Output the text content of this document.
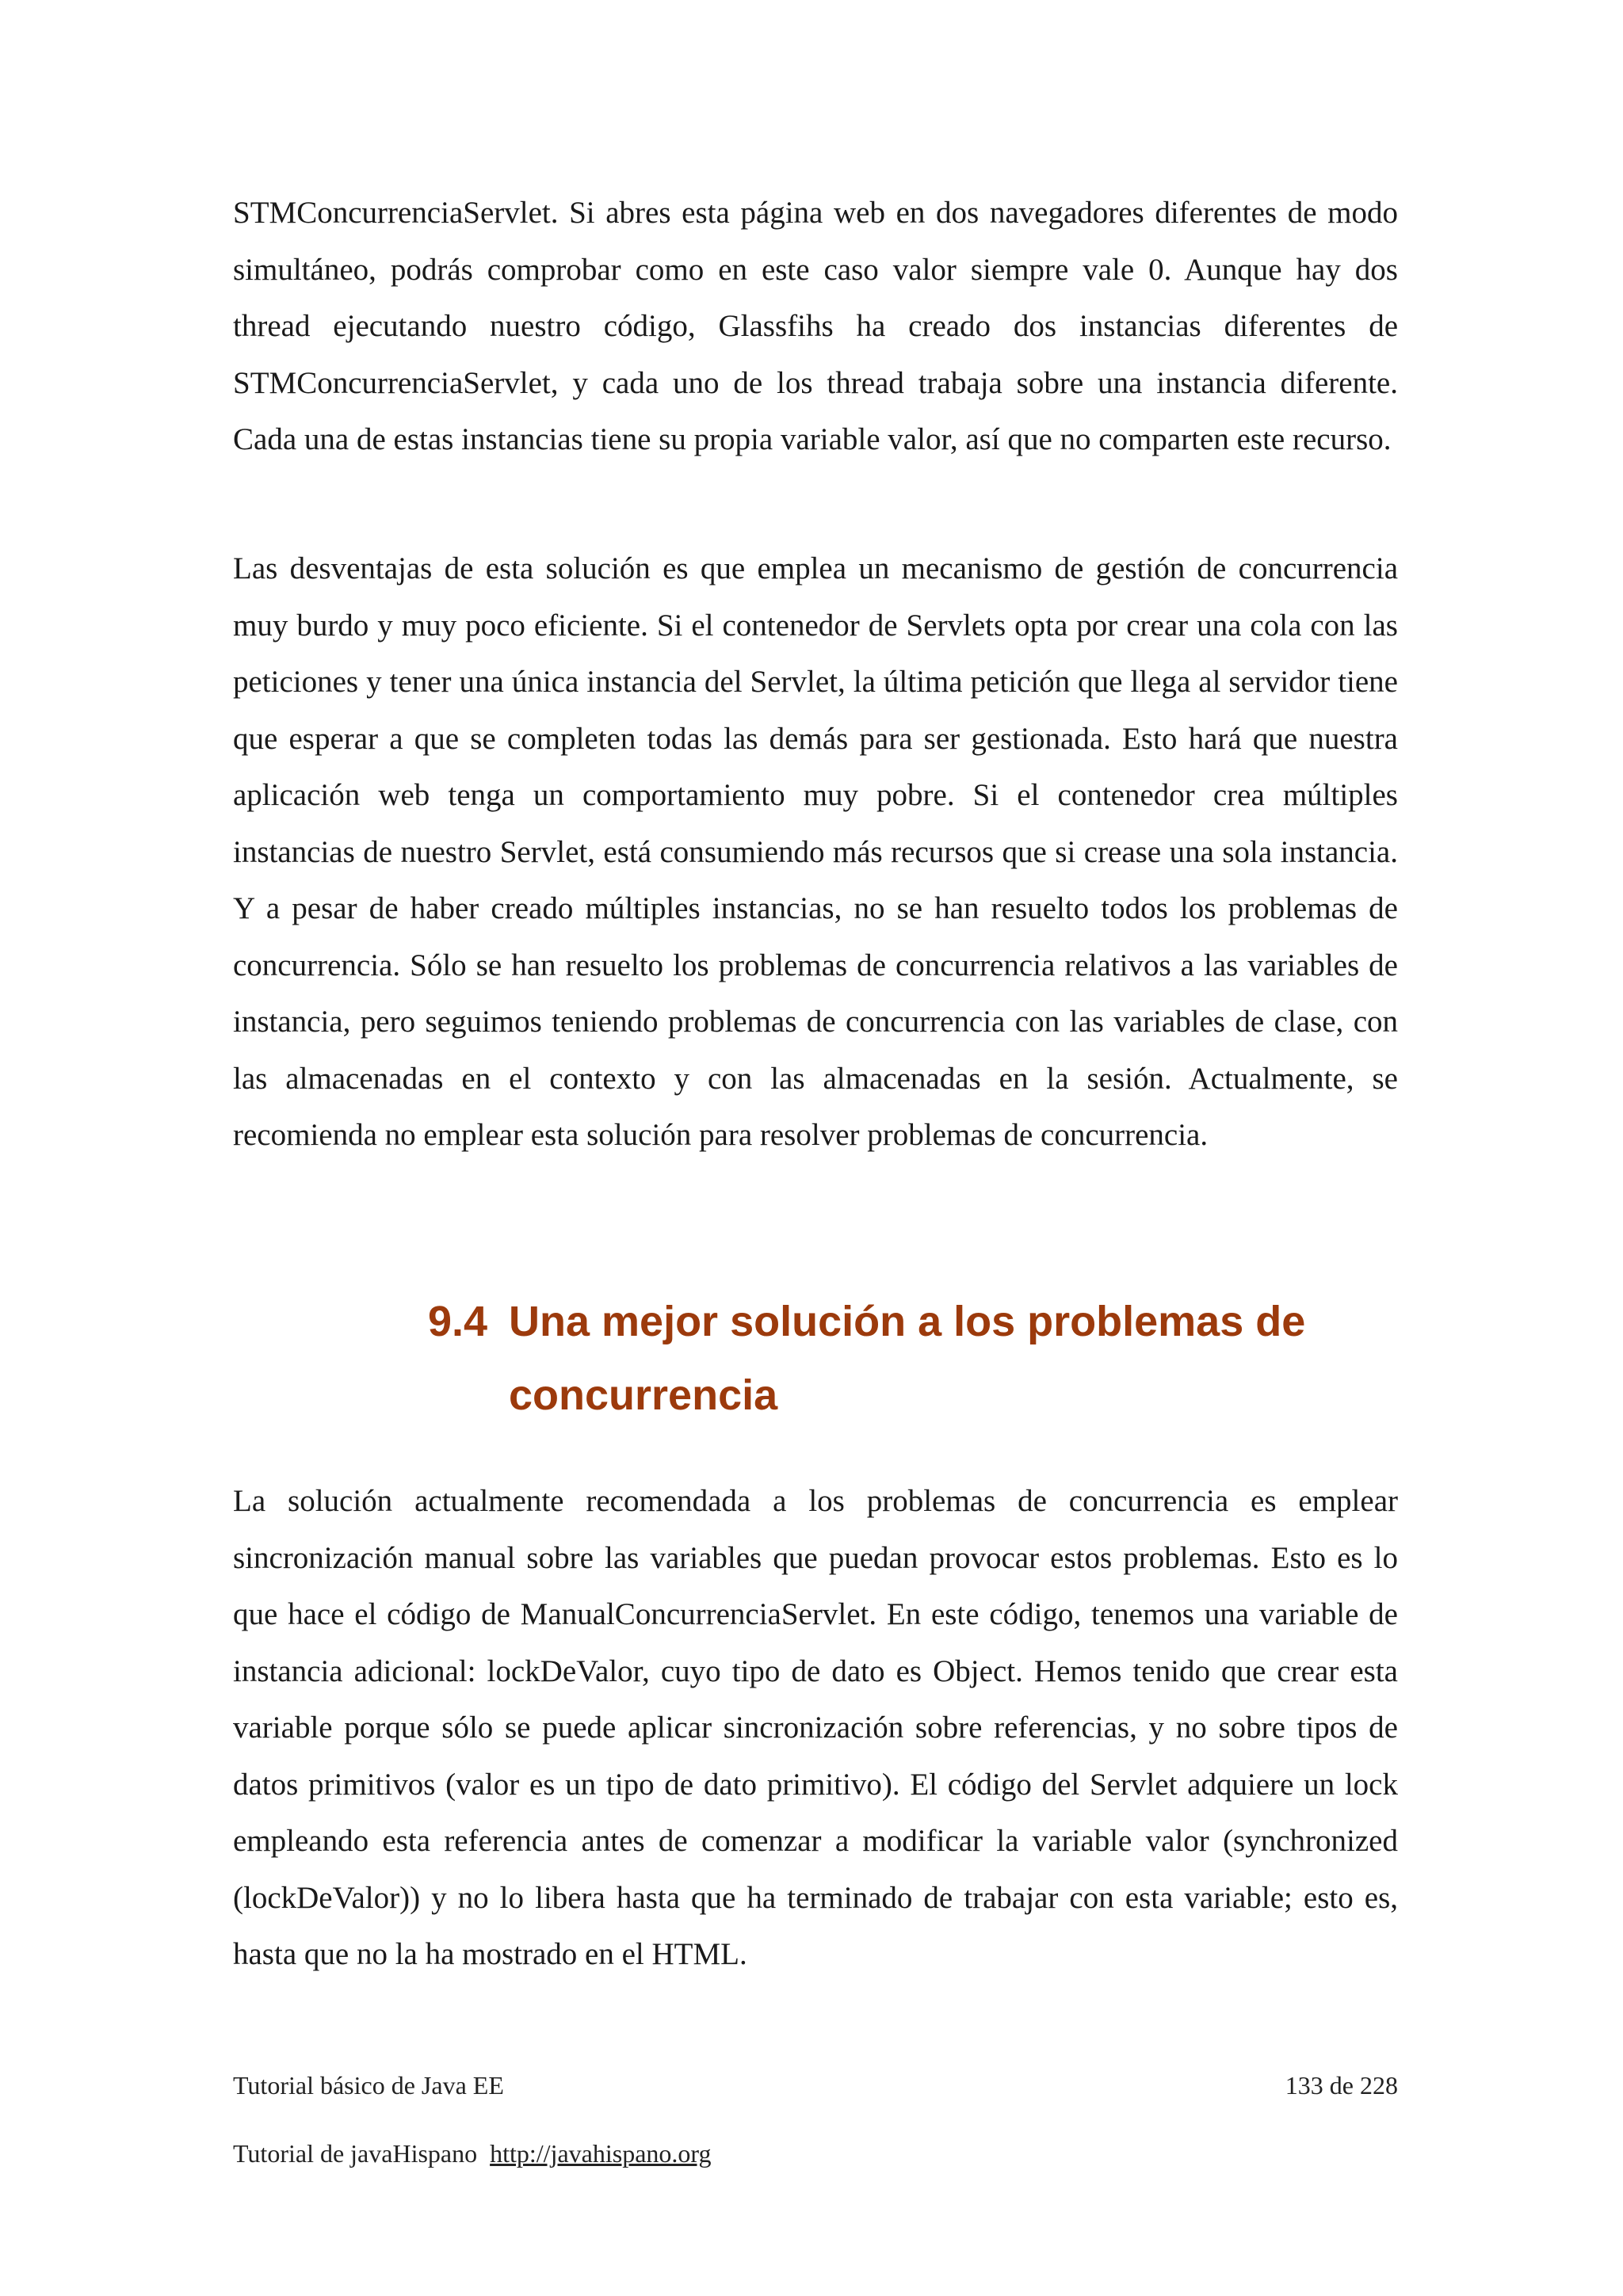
STMConcurrenciaServlet. Si abres esta página web en dos navegadores diferentes de modo simultáneo, podrás comprobar como en este caso valor siempre vale 0. Aunque hay dos thread ejecutando nuestro código, Glassfihs ha creado dos instancias diferentes de STMConcurrenciaServlet, y cada uno de los thread trabaja sobre una instancia diferente. Cada una de estas instancias tiene su propia variable valor, así que no comparten este recurso.

Las desventajas de esta solución es que emplea un mecanismo de gestión de concurrencia muy burdo y muy poco eficiente. Si el contenedor de Servlets opta por crear una cola con las peticiones y tener una única instancia del Servlet, la última petición que llega al servidor tiene que esperar a que se completen todas las demás para ser gestionada. Esto hará que nuestra aplicación web tenga un comportamiento muy pobre. Si el contenedor crea múltiples instancias de nuestro Servlet, está consumiendo más recursos que si crease una sola instancia. Y a pesar de haber creado múltiples instancias, no se han resuelto todos los problemas de concurrencia. Sólo se han resuelto los problemas de concurrencia relativos a las variables de instancia, pero seguimos teniendo problemas de concurrencia con las variables de clase, con las almacenadas en el contexto y con las almacenadas en la sesión. Actualmente, se recomienda no emplear esta solución para resolver problemas de concurrencia.

9.4 Una mejor solución a los problemas de
concurrencia

La solución actualmente recomendada a los problemas de concurrencia es emplear sincronización manual sobre las variables que puedan provocar estos problemas. Esto es lo que hace el código de ManualConcurrenciaServlet. En este código, tenemos una variable de instancia adicional: lockDeValor, cuyo tipo de dato es Object. Hemos tenido que crear esta variable porque sólo se puede aplicar sincronización sobre referencias, y no sobre tipos de datos primitivos (valor es un tipo de dato primitivo). El código del Servlet adquiere un lock empleando esta referencia antes de comenzar a modificar la variable valor (synchronized (lockDeValor)) y no lo libera hasta que ha terminado de trabajar con esta variable; esto es, hasta que no la ha mostrado en el HTML.

Tutorial básico de Java EE	133 de 228
Tutorial de javaHispano http://javahispano.org
